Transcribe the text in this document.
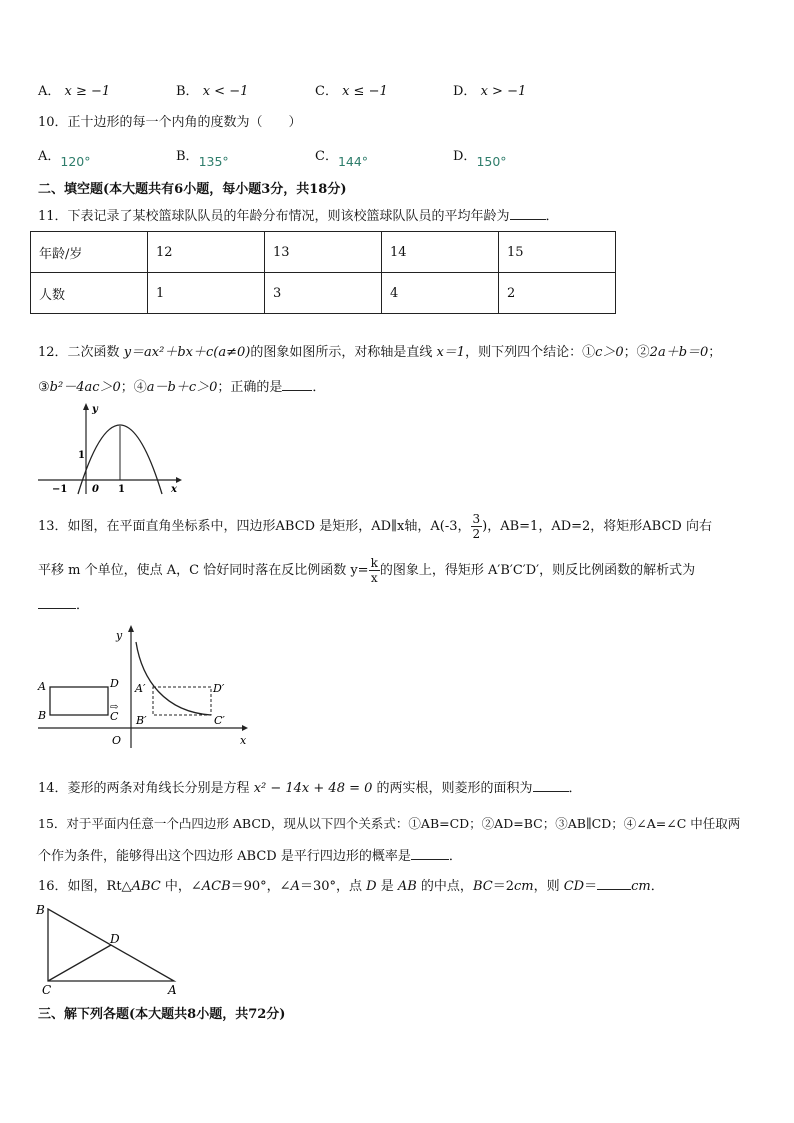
A． x ≥ −1	B． x < −1	C． x ≤ −1	D． x > −1
10．正十边形的每一个内角的度数为（　　）
A．120°	B．135°	C．144°	D．150°
二、填空题(本大题共有6小题，每小题3分，共18分)
11．下表记录了某校篮球队队员的年龄分布情况，则该校篮球队队员的平均年龄为	．
年龄/岁	12	13	14	15
人数	1	3	4	2
12．二次函数 y＝ax²＋bx＋c(a≠0)的图象如图所示，对称轴是直线 x＝1，则下列四个结论：①c＞0；②2a＋b＝0；
③b²－4ac＞0；④a－b＋c＞0；正确的是 ．
y
x
1
−1 0 1
13．如图，在平面直角坐标系中，四边形ABCD 是矩形，AD∥x轴，A(-3， $\frac{3}{2}$ )，AB=1，AD=2，将矩形ABCD 向右
平移 m 个单位，使点 A，C 恰好同时落在反比例函数 $y= \frac{k}{x}$ 的图象上，得矩形 A′B′C′D′，则反比例函数的解析式为
．
y
x
O
A
B
D
C
⇨
A′
B′
D′
C′
14．菱形的两条对角线长分别是方程 x² − 14x + 48 = 0 的两实根，则菱形的面积为	．
15．对于平面内任意一个凸四边形 ABCD，现从以下四个关系式：①AB=CD；②AD=BC；③AB∥CD；④∠A=∠C 中任取两
个作为条件，能够得出这个四边形 ABCD 是平行四边形的概率是	．
16．如图，Rt△ABC 中，∠ACB＝90°，∠A＝30°，点 D 是 AB 的中点，BC＝2cm，则 CD＝	cm．
B
D
C	A
三、解下列各题(本大题共8小题，共72分)
